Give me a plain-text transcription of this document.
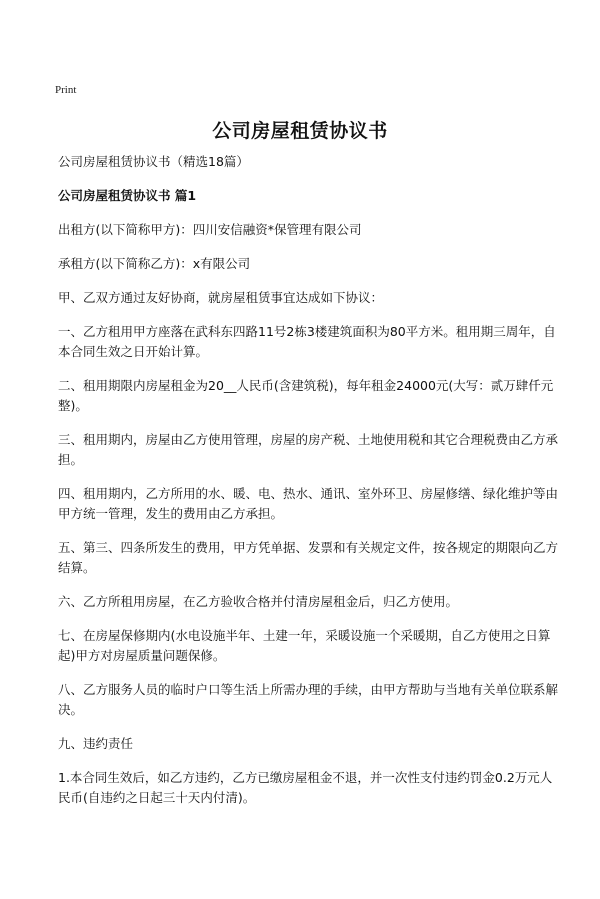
Print
公司房屋租赁协议书

公司房屋租赁协议书（精选18篇）

公司房屋租赁协议书 篇1

出租方(以下简称甲方)：四川安信融资*保管理有限公司

承租方(以下简称乙方)：x有限公司

甲、乙双方通过友好协商，就房屋租赁事宜达成如下协议：

一、乙方租用甲方座落在武科东四路11号2栋3楼建筑面积为80平方米。租用期三周年，自本合同生效之日开始计算。

二、租用期限内房屋租金为20__人民币(含建筑税)，每年租金24000元(大写：贰万肆仟元整)。

三、租用期内，房屋由乙方使用管理，房屋的房产税、土地使用税和其它合理税费由乙方承担。

四、租用期内，乙方所用的水、暖、电、热水、通讯、室外环卫、房屋修缮、绿化维护等由甲方统一管理，发生的费用由乙方承担。

五、第三、四条所发生的费用，甲方凭单据、发票和有关规定文件，按各规定的期限向乙方结算。

六、乙方所租用房屋，在乙方验收合格并付清房屋租金后，归乙方使用。

七、在房屋保修期内(水电设施半年、土建一年，采暖设施一个采暖期，自乙方使用之日算起)甲方对房屋质量问题保修。

八、乙方服务人员的临时户口等生活上所需办理的手续，由甲方帮助与当地有关单位联系解决。

九、违约责任

1.本合同生效后，如乙方违约，乙方已缴房屋租金不退，并一次性支付违约罚金0.2万元人民币(自违约之日起三十天内付清)。
